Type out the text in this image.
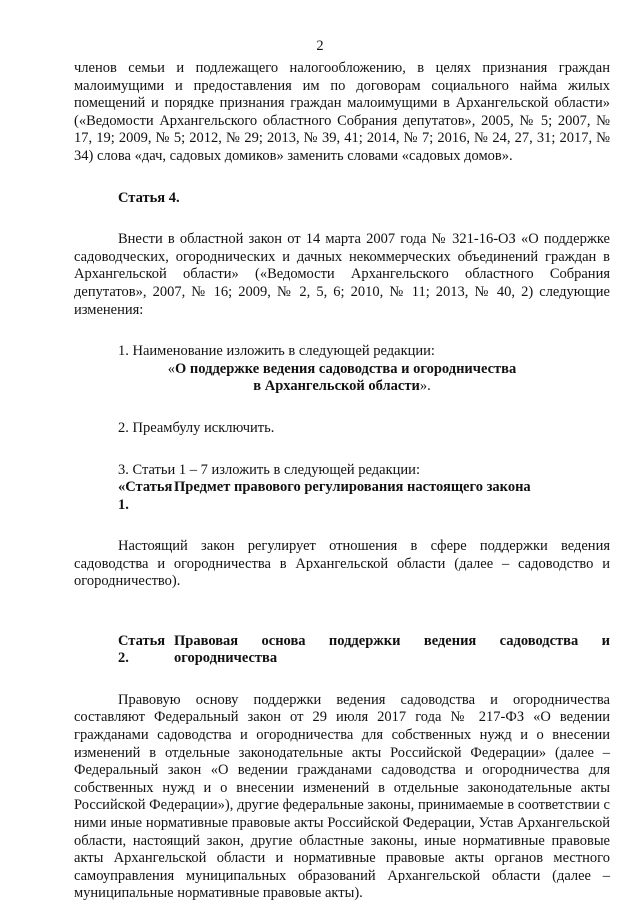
2

членов семьи и подлежащего налогообложению, в целях признания граждан малоимущими и предоставления им по договорам социального найма жилых помещений и порядке признания граждан малоимущими в Архангельской области» («Ведомости Архангельского областного Собрания депутатов», 2005, № 5; 2007, № 17, 19; 2009, № 5; 2012, № 29; 2013, № 39, 41; 2014, № 7; 2016, № 24, 27, 31; 2017, № 34) слова «дач, садовых домиков» заменить словами «садовых домов».

Статья 4.

Внести в областной закон от 14 марта 2007 года № 321-16-ОЗ «О поддержке садоводческих, огороднических и дачных некоммерческих объединений граждан в Архангельской области» («Ведомости Архангельского областного Собрания депутатов», 2007, № 16; 2009, № 2, 5, 6; 2010, № 11; 2013, № 40, 2) следующие изменения:

1. Наименование изложить в следующей редакции:

«О поддержке ведения садоводства и огородничества

в Архангельской области».

2. Преамбулу исключить.

3. Статьи 1 – 7 изложить в следующей редакции:

«Статья 1.
Предмет правового регулирования настоящего закона

Настоящий закон регулирует отношения в сфере поддержки ведения садоводства и огородничества в Архангельской области (далее – садоводство и огородничество).

Статья 2.
Правовая основа поддержки ведения садоводства и огородничества

Правовую основу поддержки ведения садоводства и огородничества составляют Федеральный закон от 29 июля 2017 года № 217-ФЗ «О ведении гражданами садоводства и огородничества для собственных нужд и о внесении изменений в отдельные законодательные акты Российской Федерации» (далее – Федеральный закон «О ведении гражданами садоводства и огородничества для собственных нужд и о внесении изменений в отдельные законодательные акты Российской Федерации»), другие федеральные законы, принимаемые в соответствии с ними иные нормативные правовые акты Российской Федерации, Устав Архангельской области, настоящий закон, другие областные законы, иные нормативные правовые акты Архангельской области и нормативные правовые акты органов местного самоуправления муниципальных образований Архангельской области (далее – муниципальные нормативные правовые акты).
